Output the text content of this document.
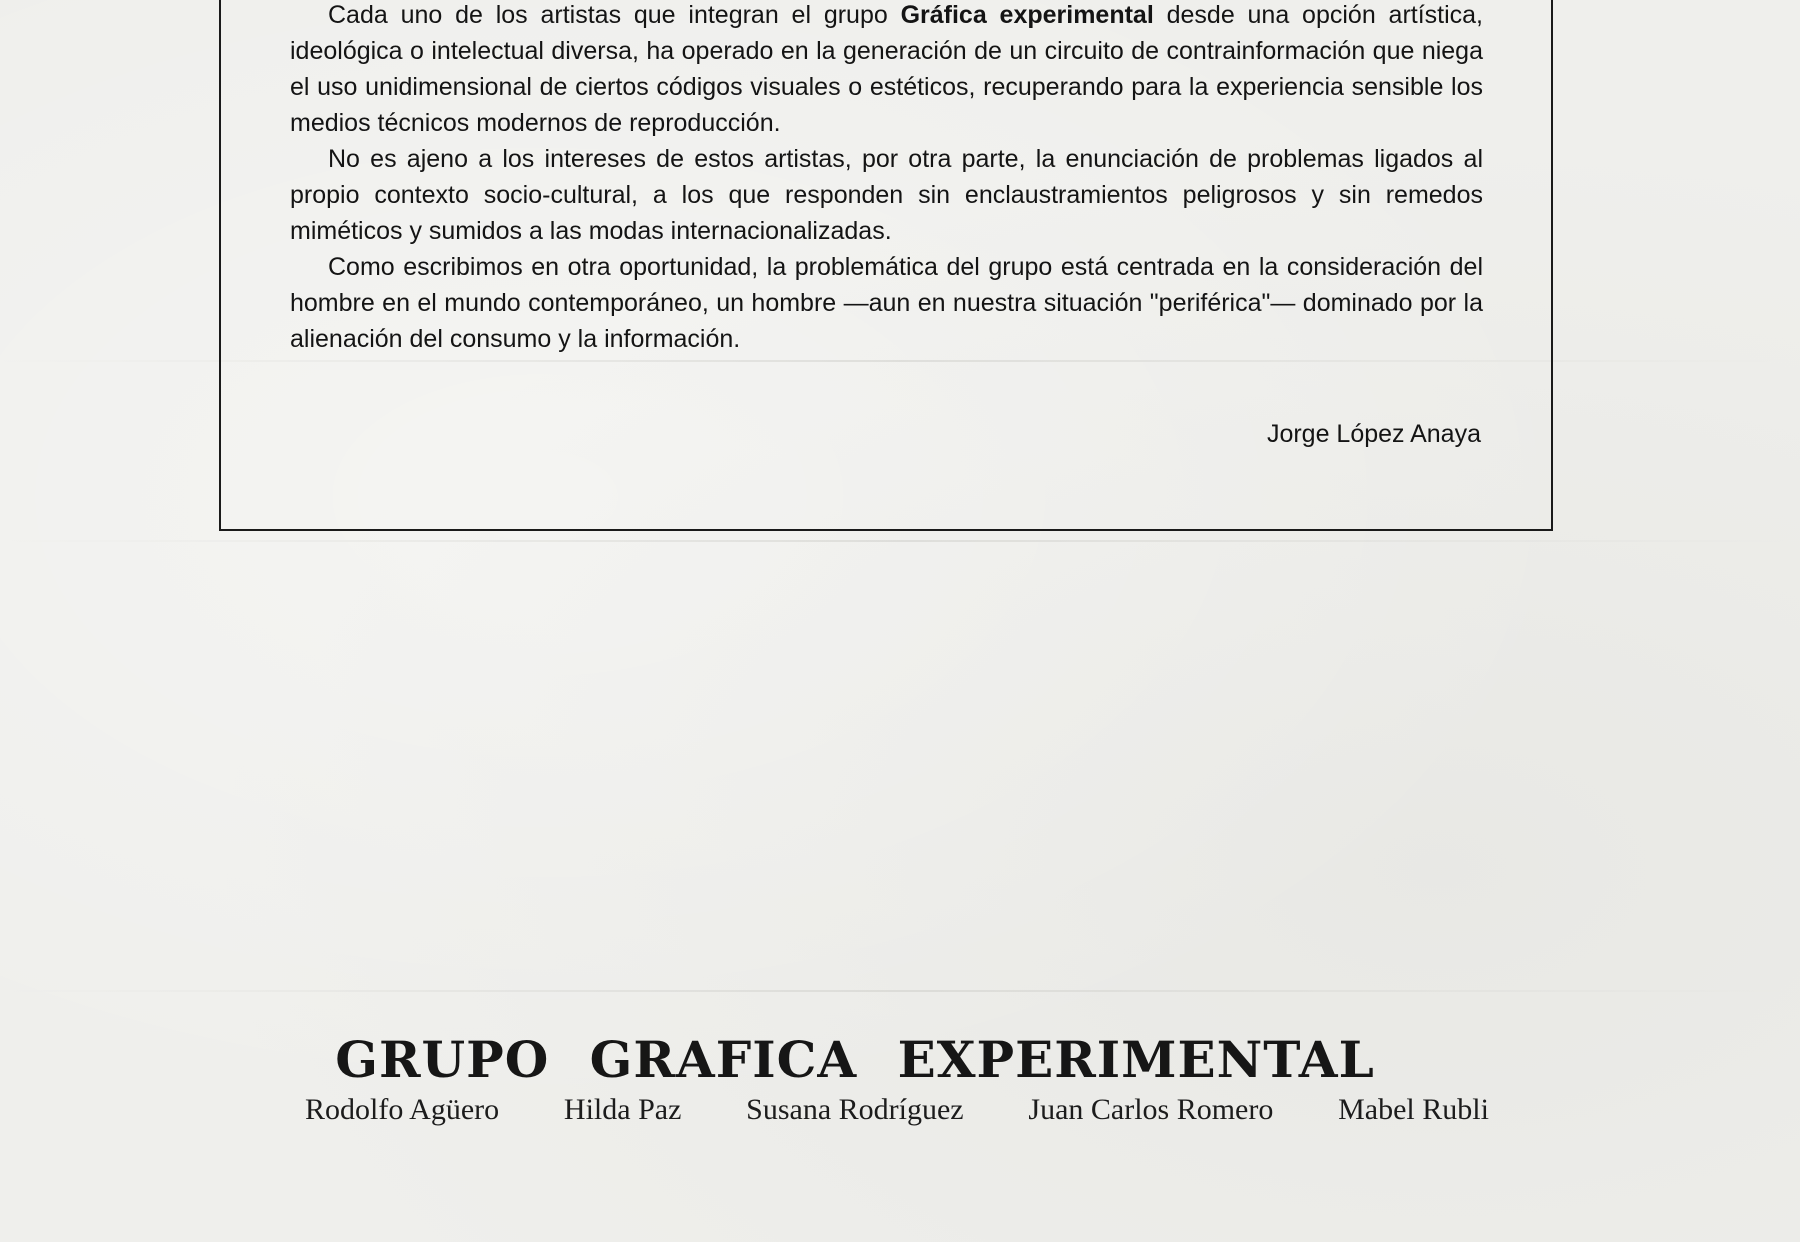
Cada uno de los artistas que integran el grupo Gráfica experimental desde una opción artística, ideológica o intelectual diversa, ha operado en la generación de un circuito de contrainformación que niega el uso unidimensional de ciertos códigos visuales o estéticos, recuperando para la experiencia sensible los medios técnicos modernos de reproducción.

No es ajeno a los intereses de estos artistas, por otra parte, la enunciación de problemas ligados al propio contexto socio-cultural, a los que responden sin enclaustramientos peligrosos y sin remedos miméticos y sumidos a las modas internacionalizadas.

Como escribimos en otra oportunidad, la problemática del grupo está centrada en la consideración del hombre en el mundo contemporáneo, un hombre —aun en nuestra situación "periférica"— dominado por la alienación del consumo y la información.

Jorge López Anaya
GRUPO GRAFICA EXPERIMENTAL
Rodolfo Agüero Hilda Paz Susana Rodríguez Juan Carlos Romero Mabel Rubli
